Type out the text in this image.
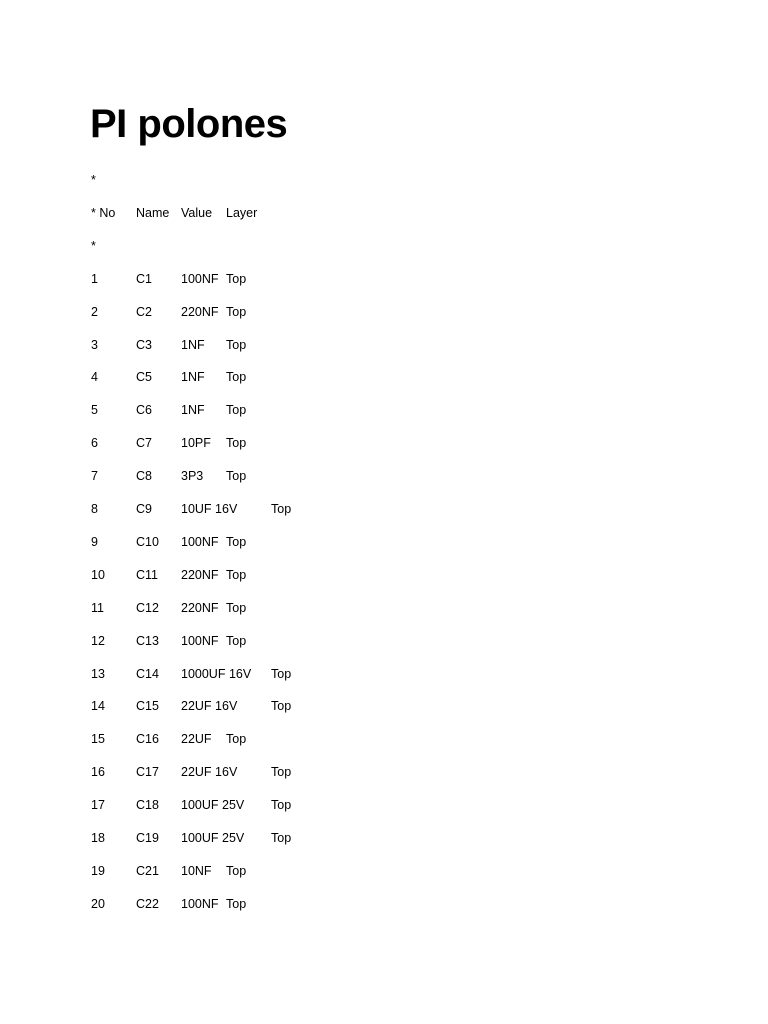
PI polones
*
* No Name Value Layer
*
1	C1 100NF Top
2	C2 220NF Top
3	C3 1NF Top
4	C5 1NF Top
5	C6 1NF Top
6	C7 10PF Top
7	C8 3P3 Top
8	C9 10UF 16V	Top
9	C10 100NF Top
10 C11 220NF Top
11	C12 220NF Top
12 C13 100NF Top
13 C14 1000UF 16V Top
14 C15 22UF 16V	Top
15 C16 22UF Top
16 C17 22UF 16V	Top
17 C18 100UF 25V Top
18 C19 100UF 25V Top
19 C21 10NF Top
20 C22 100NF Top
